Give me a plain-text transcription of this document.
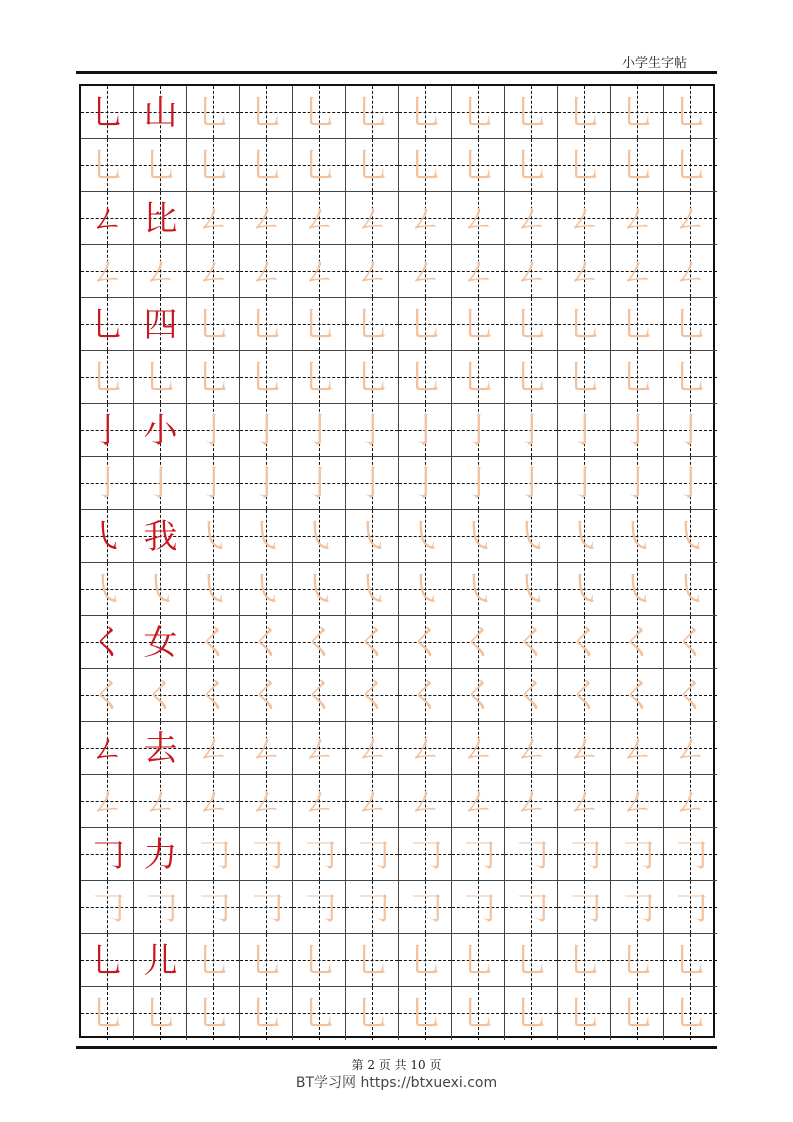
小学生字帖
乚 山 乚 乚 乚 乚 乚 乚 乚 乚 乚 乚
乚 乚 乚 乚 乚 乚 乚 乚 乚 乚 乚 乚
ㄥ 比 ㄥ ㄥ ㄥ ㄥ ㄥ ㄥ ㄥ ㄥ ㄥ ㄥ
ㄥ ㄥ ㄥ ㄥ ㄥ ㄥ ㄥ ㄥ ㄥ ㄥ ㄥ ㄥ
乚 四 乚 乚 乚 乚 乚 乚 乚 乚 乚 乚
乚 乚 乚 乚 乚 乚 乚 乚 乚 乚 乚 乚
亅 小 亅 亅 亅 亅 亅 亅 亅 亅 亅 亅
亅 亅 亅 亅 亅 亅 亅 亅 亅 亅 亅 亅
㇂ 我 ㇂ ㇂ ㇂ ㇂ ㇂ ㇂ ㇂ ㇂ ㇂ ㇂
㇂ ㇂ ㇂ ㇂ ㇂ ㇂ ㇂ ㇂ ㇂ ㇂ ㇂ ㇂
く 女 く く く く く く く く く く
く く く く く く く く く く く く
ㄥ 去 ㄥ ㄥ ㄥ ㄥ ㄥ ㄥ ㄥ ㄥ ㄥ ㄥ
ㄥ ㄥ ㄥ ㄥ ㄥ ㄥ ㄥ ㄥ ㄥ ㄥ ㄥ ㄥ
𠃌 力 𠃌 𠃌 𠃌 𠃌 𠃌 𠃌 𠃌 𠃌 𠃌 𠃌
𠃌 𠃌 𠃌 𠃌 𠃌 𠃌 𠃌 𠃌 𠃌 𠃌 𠃌 𠃌
乚 儿 乚 乚 乚 乚 乚 乚 乚 乚 乚 乚
乚 乚 乚 乚 乚 乚 乚 乚 乚 乚 乚 乚
第 2 页 共 10 页
BT学习网 https://btxuexi.com
